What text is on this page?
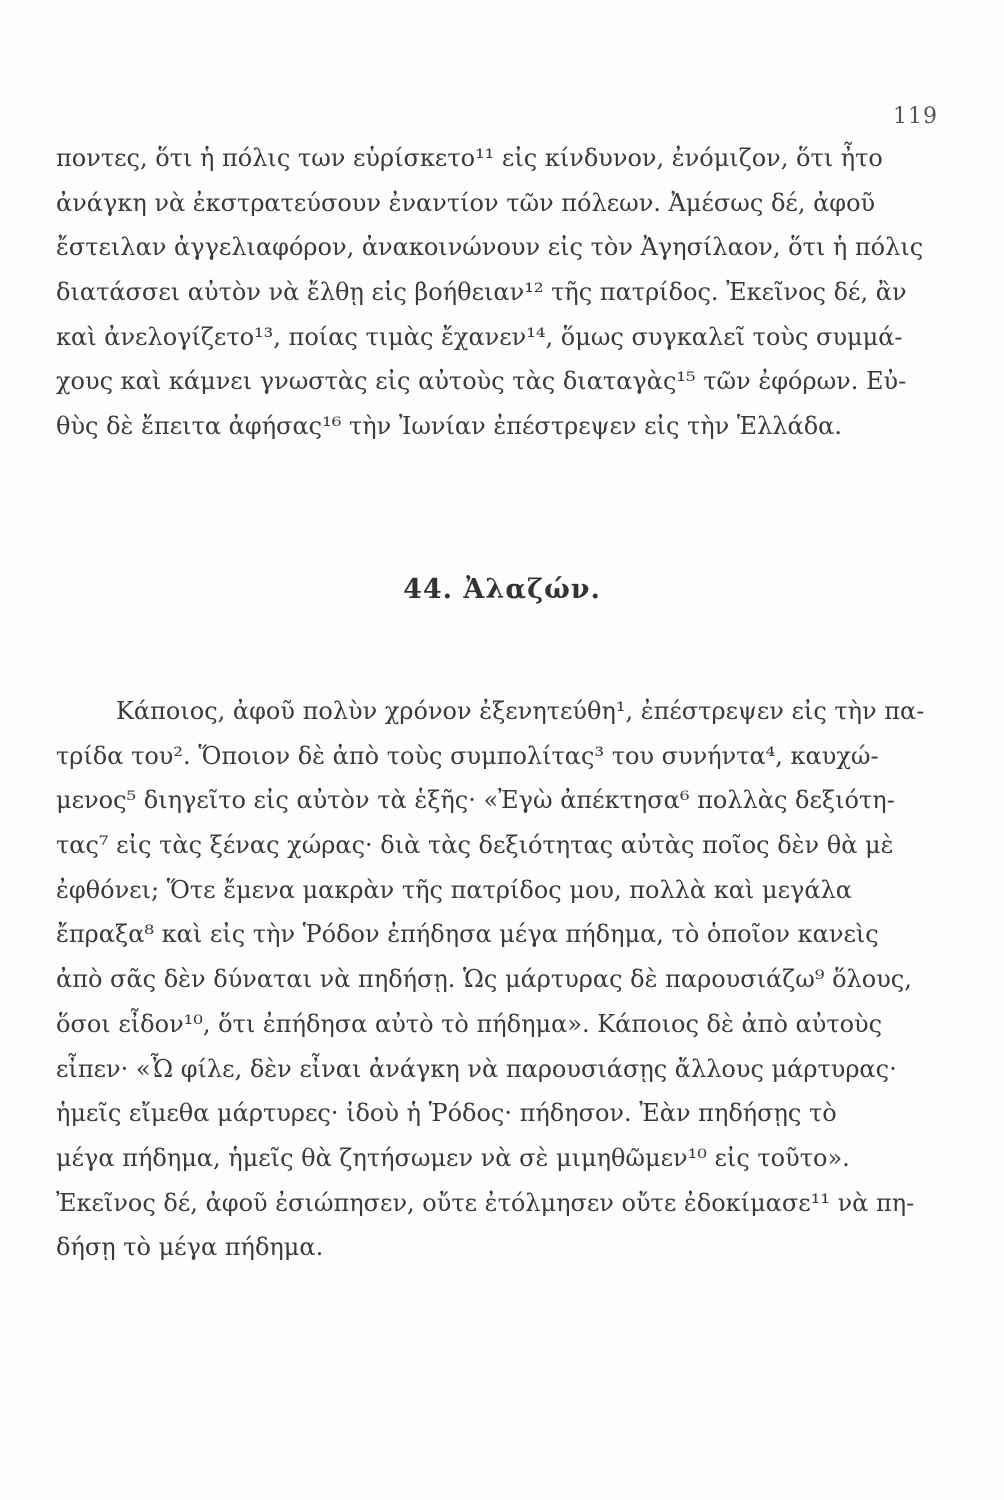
119
ποντες, ὅτι ἡ πόλις των εὑρίσκετο¹¹ εἰς κίνδυνον, ἐνόμιζον, ὅτι ἦτο
ἀνάγκη νὰ ἐκστρατεύσουν ἐναντίον τῶν πόλεων. Ἀμέσως δέ, ἀφοῦ
ἔστειλαν ἀγγελιαφόρον, ἀνακοινώνουν εἰς τὸν Ἀγησίλαον, ὅτι ἡ πόλις
διατάσσει αὐτὸν νὰ ἔλθῃ εἰς βοήθειαν¹² τῆς πατρίδος. Ἐκεῖνος δέ, ἂν
καὶ ἀνελογίζετο¹³, ποίας τιμὰς ἔχανεν¹⁴, ὅμως συγκαλεῖ τοὺς συμμά-
χους καὶ κάμνει γνωστὰς εἰς αὐτοὺς τὰς διαταγὰς¹⁵ τῶν ἐφόρων. Εὐ-
θὺς δὲ ἔπειτα ἀφήσας¹⁶ τὴν Ἰωνίαν ἐπέστρεψεν εἰς τὴν Ἑλλάδα.
44. Ἀλαζών.
Κάποιος, ἀφοῦ πολὺν χρόνον ἐξενητεύθη¹, ἐπέστρεψεν εἰς τὴν πα-
τρίδα του². Ὅποιον δὲ ἀπὸ τοὺς συμπολίτας³ του συνήντα⁴, καυχώ-
μενος⁵ διηγεῖτο εἰς αὐτὸν τὰ ἑξῆς· «Ἐγὼ ἀπέκτησα⁶ πολλὰς δεξιότη-
τας⁷ εἰς τὰς ξένας χώρας· διὰ τὰς δεξιότητας αὐτὰς ποῖος δὲν θὰ μὲ
ἐφθόνει; Ὅτε ἔμενα μακρὰν τῆς πατρίδος μου, πολλὰ καὶ μεγάλα
ἔπραξα⁸ καὶ εἰς τὴν Ῥόδον ἐπήδησα μέγα πήδημα, τὸ ὁποῖον κανεὶς
ἀπὸ σᾶς δὲν δύναται νὰ πηδήσῃ. Ὡς μάρτυρας δὲ παρουσιάζω⁹ ὅλους,
ὅσοι εἶδον¹⁰, ὅτι ἐπήδησα αὐτὸ τὸ πήδημα». Κάποιος δὲ ἀπὸ αὐτοὺς
εἶπεν· «Ὦ φίλε, δὲν εἶναι ἀνάγκη νὰ παρουσιάσῃς ἄλλους μάρτυρας·
ἡμεῖς εἴμεθα μάρτυρες· ἰδοὺ ἡ Ῥόδος· πήδησον. Ἐὰν πηδήσῃς τὸ
μέγα πήδημα, ἡμεῖς θὰ ζητήσωμεν νὰ σὲ μιμηθῶμεν¹⁰ εἰς τοῦτο».
Ἐκεῖνος δέ, ἀφοῦ ἐσιώπησεν, οὔτε ἐτόλμησεν οὔτε ἐδοκίμασε¹¹ νὰ πη-
δήσῃ τὸ μέγα πήδημα.
